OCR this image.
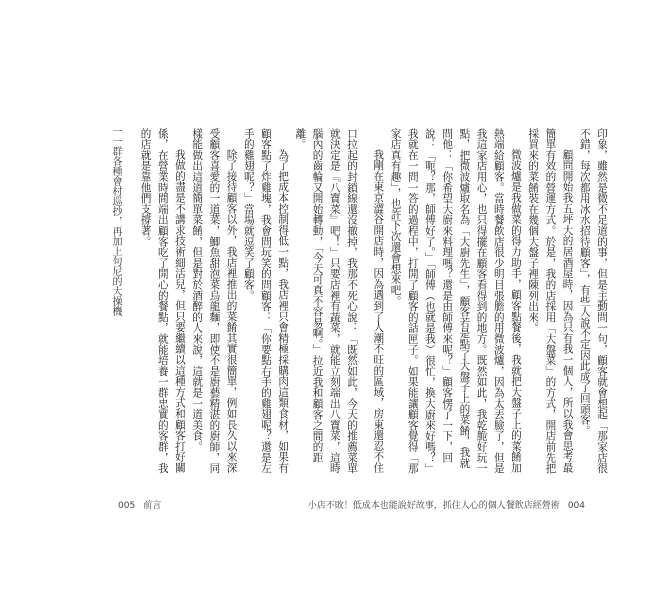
一
一群各種會村巡抄，再加上句尼的大操機	口拉起的封鎖線還沒撤掉，我那不死心說：「既然如此，今天的推薦菜單就決定是『八寶菜』吧！」只要店裡有蔬菜，就能立刻端出八寶菜，這時腦內的齒輪又開始轉動，「今天可真不容易啊。」拉近我和顧客之間的距離。

為了把成本控制得低一點，我店裡只會精極採購肉這類食材，如果有顧客點了炸雞塊，我會問玩笑的問顧客：「你要點右手的雞翅呢？還是左手的雞翅呢？」當場就逗笑了顧客。

除了接待顧客以外，我店裡推出的菜餚其實很簡單，例如長久以來深受顧客喜愛的一道菜，鯽魚甜泡菜烏龍麵，即使不是廚藝精湛的廚師，同樣能做出這道簡單菜餚，但是對於酒醉的人來說，這就是一道美食。

我做的盡是不講求技術細活兒，但只要繼續以這種方式和顧客打好關係，在營業時間端出顧客吃了開心的餐點，就能培養一群忠實的客群，我的店就是靠他們支撐著。	印象，雖然是微不足道的事，但是主動問一句，顧客就會想起「那家店很不錯，每次都用冰水招待顧客」，有些人說不定因此成了回頭客。

顧問開始我五坪大的居酒屋時，因為只有我一個人，所以我會思考最簡單有效的營運方式。於是，我的店採用「大盤菜」的方式，開店前先把採買來的菜餚裝在幾個大盤子裡陳列出來。

微波爐是我做菜的得力助手，顧客點餐後，我就把大盤子上的菜餚加熱端給顧客。當時餐飲店很少明目張膽的用微波爐，因為太丟臉了，但是我這家店用心，也只得擺在顧客看得到的地方。既然如此，我乾脆好玩一點，把微波爐取名為「大廚先生」，顧客若是點了大盤子上的菜餚，我就問他：「你希望大廚來料理嗎？還是由師傅來呢？」顧客愣了一下，回說：「呃？那，師傅好了。」「師傅（也就是我）很忙，換大廚來好嗎？」我就在一問一答的過程中，打開了顧客的話匣子。如果能讓顧客覺得「那家店真有趣」，也許下次還會想來吧。

我剛在東京澀谷開店時，因為遇到了人潮不旺的區域，房東還忍不住

005 前言	小店不敗！低成本也能說好故事，抓住人心的個人餐飲店經營術 004
